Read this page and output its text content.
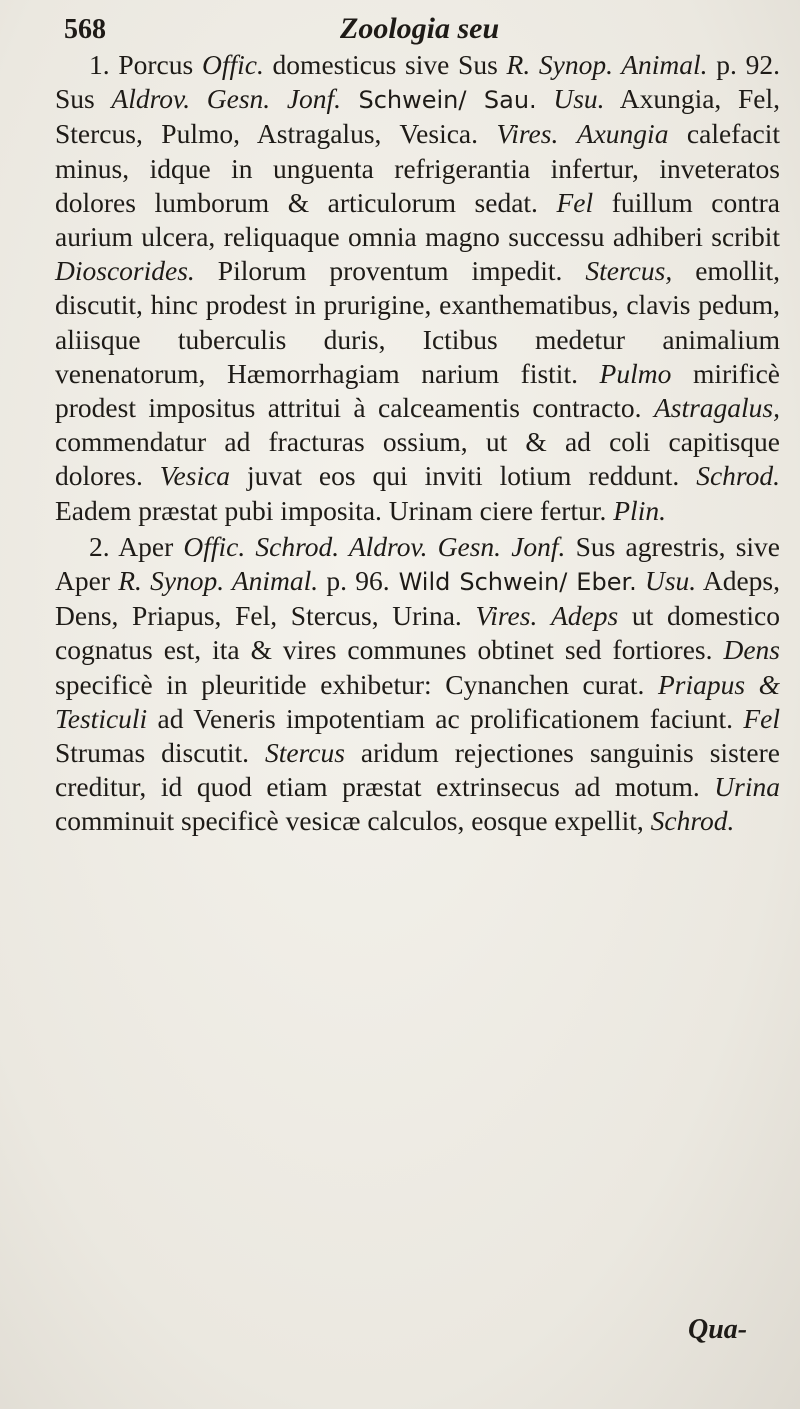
568	Zoologia seu

1. Porcus Offic. domesticus sive Sus R. Synop. Animal. p. 92. Sus Aldrov. Gesn. Jonf. Schwein/ Sau. Usu. Axungia, Fel, Stercus, Pulmo, Astragalus, Vesica. Vires. Axungia calefacit minus, idque in unguenta refrigerantia infertur, inveteratos dolores lumborum & articulorum sedat. Fel fuillum contra aurium ulcera, reliquaque omnia magno successu adhiberi scribit Dioscorides. Pilorum proventum impedit. Stercus, emollit, discutit, hinc prodest in prurigine, exanthematibus, clavis pedum, aliisque tuberculis duris, Ictibus medetur animalium venenatorum, Hæmorrhagiam narium fistit. Pulmo mirificè prodest impositus attritui à calceamentis contracto. Astragalus, commendatur ad fracturas ossium, ut & ad coli capitisque dolores. Vesica juvat eos qui inviti lotium reddunt. Schrod. Eadem præstat pubi imposita. Urinam ciere fertur. Plin.

2. Aper Offic. Schrod. Aldrov. Gesn. Jonf. Sus agrestris, sive Aper R. Synop. Animal. p. 96. Wild Schwein/ Eber. Usu. Adeps, Dens, Priapus, Fel, Stercus, Urina. Vires. Adeps ut domestico cognatus est, ita & vires communes obtinet sed fortiores. Dens specificè in pleuritide exhibetur: Cynanchen curat. Priapus & Testiculi ad Veneris impotentiam ac prolificationem faciunt. Fel Strumas discutit. Stercus aridum rejectiones sanguinis sistere creditur, id quod etiam præstat extrinsecus ad motum. Urina comminuit specificè vesicæ calculos, eosque expellit, Schrod.

Qua-
